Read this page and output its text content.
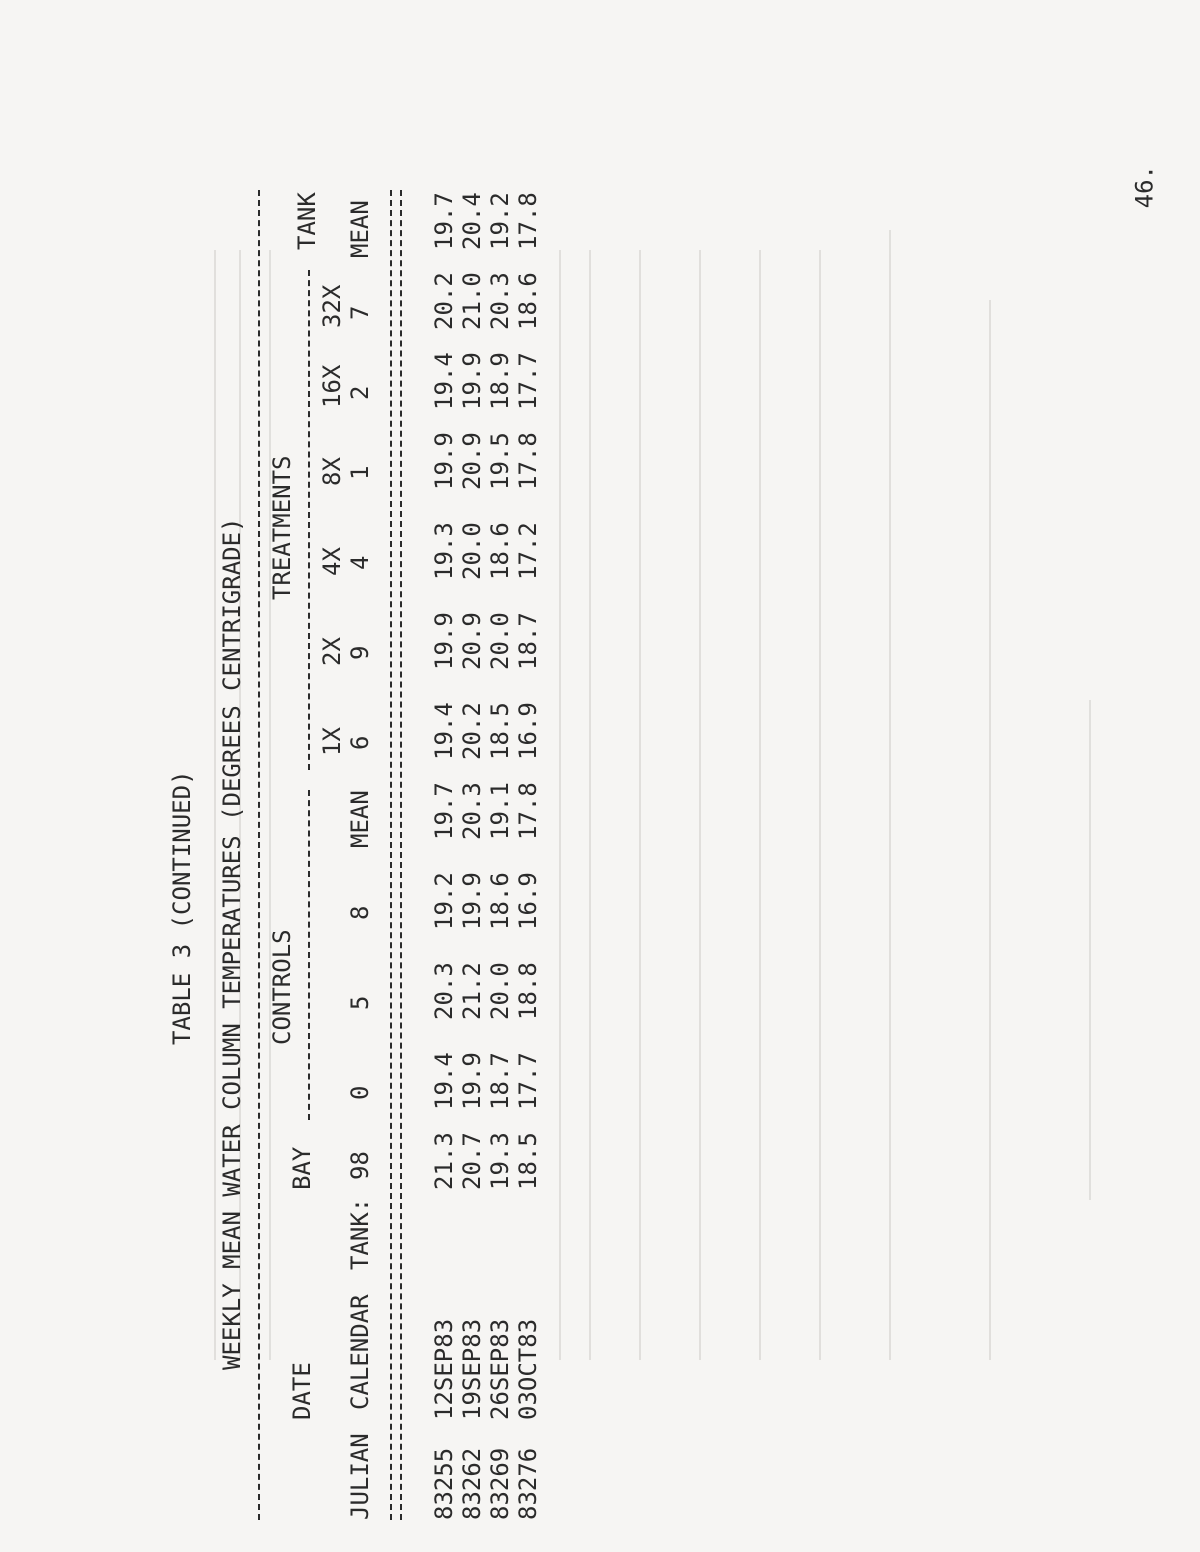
46.
TABLE 3 (CONTINUED) WEEKLY MEAN WATER COLUMN TEMPERATURES (DEGREES CENTRIGRADE)
DATE
BAY
CONTROLS
TREATMENTS
TANK
1X
2X
4X
8X
JULIAN
CALENDAR
TANK:
98
0
5
8
MEAN
6
9
4
1
16X
32X
2
7
MEAN
83255
12SEP83
21.3
19.4
20.3
19.2
19.7
19.4
19.9
19.3
19.9
19.4
20.2
19.7
83262
19SEP83
20.7
19.9
21.2
19.9
20.3
20.2
20.9
20.0
20.9
19.9
21.0
20.4
83269
26SEP83
19.3
18.7
20.0
18.6
19.1
18.5
20.0
18.6
19.5
18.9
20.3
19.2
83276
03OCT83
18.5
17.7
18.8
16.9
17.8
16.9
18.7
17.2
17.8
17.7
18.6
17.8
